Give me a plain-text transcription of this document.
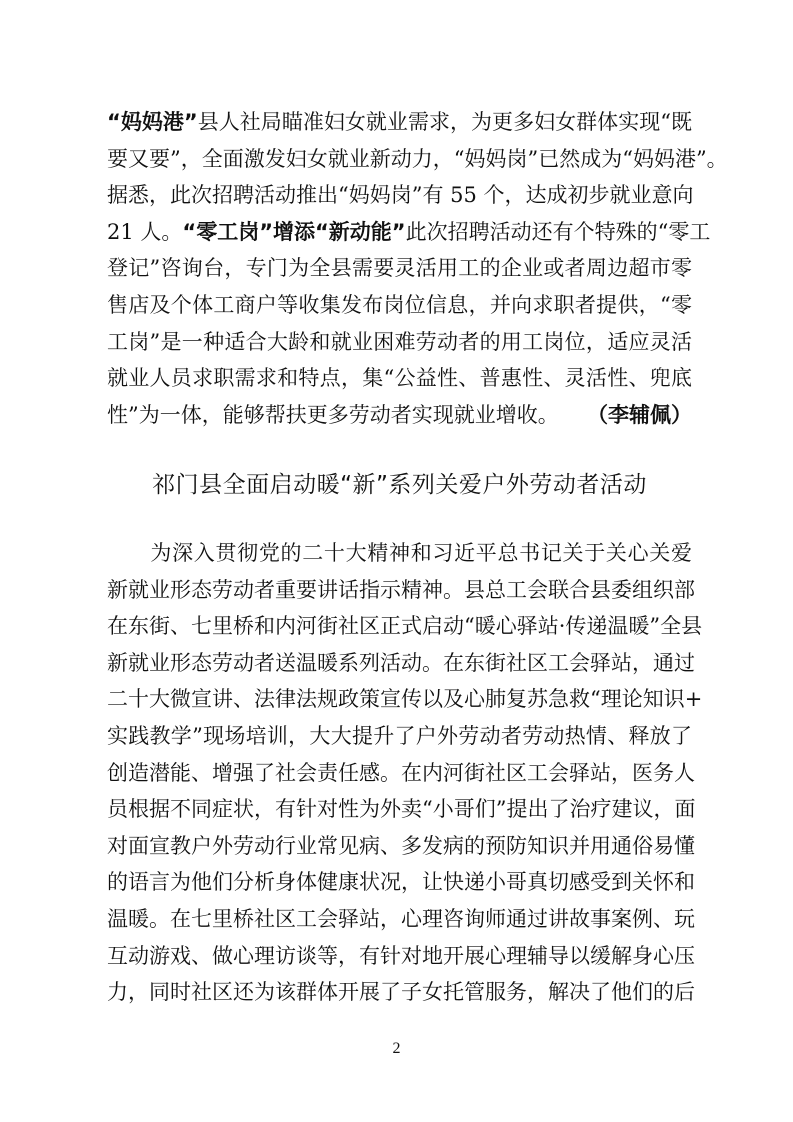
“妈妈港”县人社局瞄准妇女就业需求，为更多妇女群体实现“既
要又要”，全面激发妇女就业新动力，“妈妈岗”已然成为“妈妈港”。
据悉，此次招聘活动推出“妈妈岗”有 55 个，达成初步就业意向
21 人。“零工岗”增添“新动能”此次招聘活动还有个特殊的“零工
登记”咨询台，专门为全县需要灵活用工的企业或者周边超市零
售店及个体工商户等收集发布岗位信息，并向求职者提供，“零
工岗”是一种适合大龄和就业困难劳动者的用工岗位，适应灵活
就业人员求职需求和特点，集“公益性、普惠性、灵活性、兜底
性”为一体，能够帮扶更多劳动者实现就业增收。 （李辅佩）

祁门县全面启动暖“新”系列关爱户外劳动者活动

　　为深入贯彻党的二十大精神和习近平总书记关于关心关爱
新就业形态劳动者重要讲话指示精神。县总工会联合县委组织部
在东街、七里桥和内河街社区正式启动“暖心驿站·传递温暖”全县
新就业形态劳动者送温暖系列活动。在东街社区工会驿站，通过
二十大微宣讲、法律法规政策宣传以及心肺复苏急救“理论知识+
实践教学”现场培训，大大提升了户外劳动者劳动热情、释放了
创造潜能、增强了社会责任感。在内河街社区工会驿站，医务人
员根据不同症状，有针对性为外卖“小哥们”提出了治疗建议，面
对面宣教户外劳动行业常见病、多发病的预防知识并用通俗易懂
的语言为他们分析身体健康状况，让快递小哥真切感受到关怀和
温暖。在七里桥社区工会驿站，心理咨询师通过讲故事案例、玩
互动游戏、做心理访谈等，有针对地开展心理辅导以缓解身心压
力，同时社区还为该群体开展了子女托管服务，解决了他们的后

2
